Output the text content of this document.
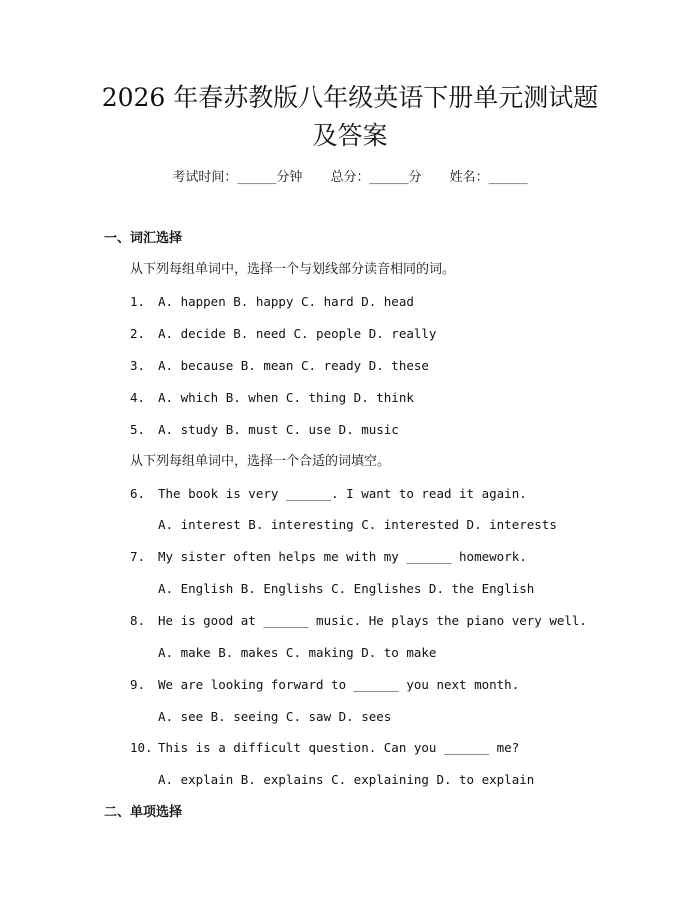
2026 年春苏教版八年级英语下册单元测试题
及答案
考试时间：______分钟 总分：______分 姓名：______
一、词汇选择
从下列每组单词中，选择一个与划线部分读音相同的词。
1. A. happen B. happy C. hard D. head
2. A. decide B. need C. people D. really
3. A. because B. mean C. ready D. these
4. A. which B. when C. thing D. think
5. A. study B. must C. use D. music
从下列每组单词中，选择一个合适的词填空。
6. The book is very ______. I want to read it again.
A. interest B. interesting C. interested D. interests
7. My sister often helps me with my ______ homework.
A. English B. Englishs C. Englishes D. the English
8. He is good at ______ music. He plays the piano very well.
A. make B. makes C. making D. to make
9. We are looking forward to ______ you next month.
A. see B. seeing C. saw D. sees
10. This is a difficult question. Can you ______ me?
A. explain B. explains C. explaining D. to explain
二、单项选择
